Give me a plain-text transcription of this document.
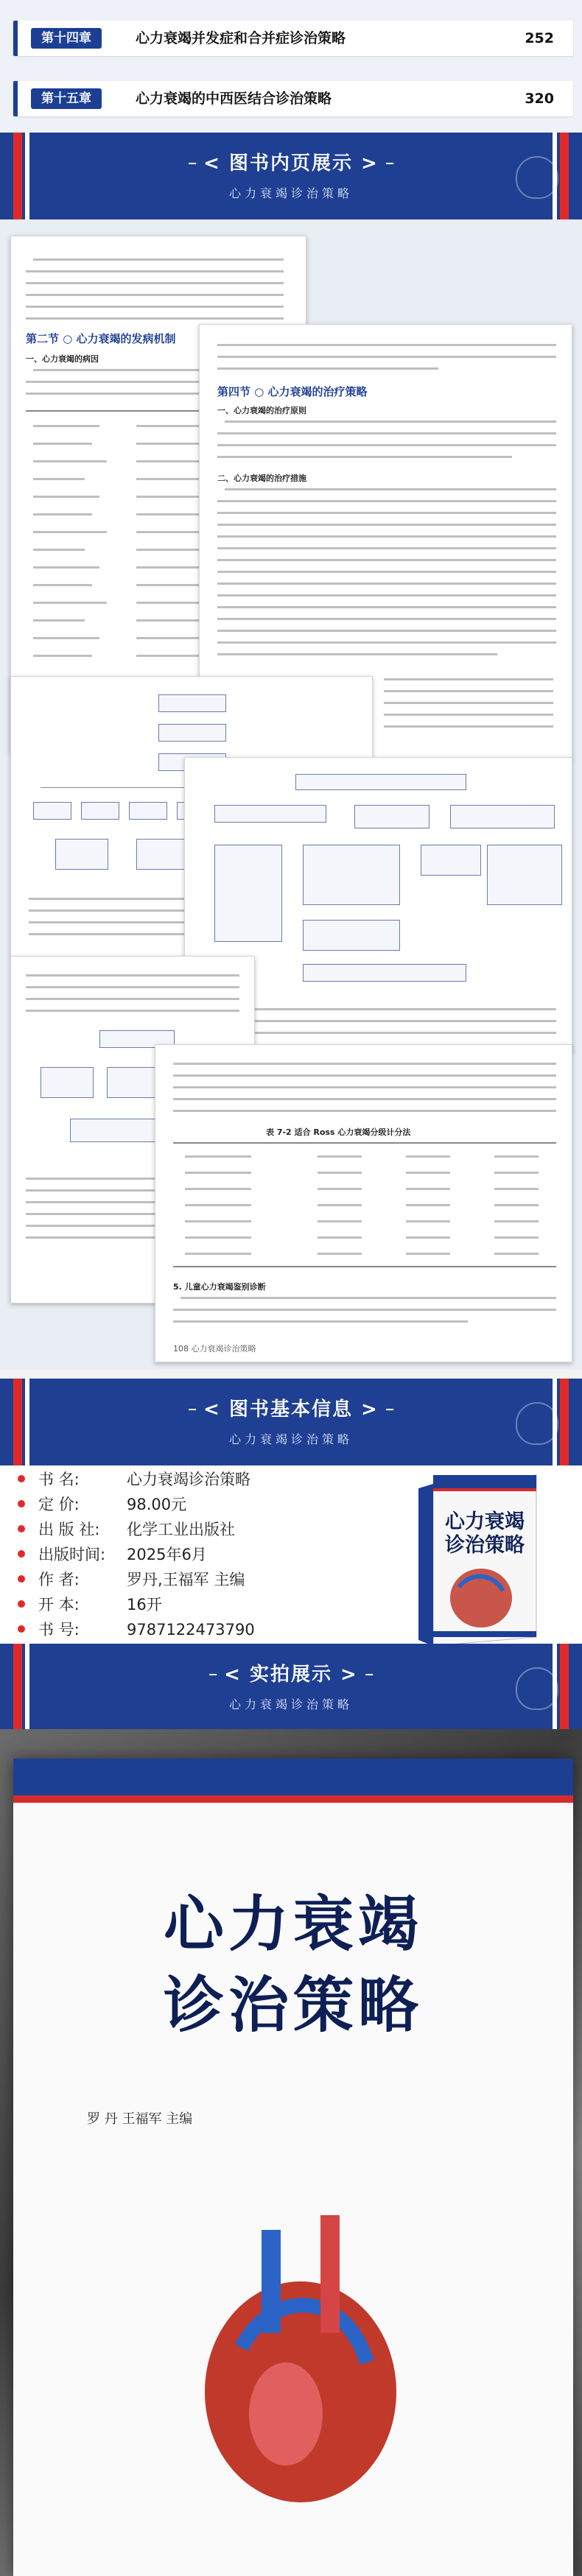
第十四章	心力衰竭并发症和合并症诊治策略	252
第十五章	心力衰竭的中西医结合诊治策略	320
< 图书内页展示 >
心力衰竭诊治策略
第二节 ○ 心力衰竭的发病机制
一、心力衰竭的病因
第四节 ○ 心力衰竭的治疗策略
一、心力衰竭的治疗原则
二、心力衰竭的治疗措施
表 7-2 适合 Ross 心力衰竭分级计分法
5. 儿童心力衰竭鉴别诊断
108 心力衰竭诊治策略
< 图书基本信息 >
心力衰竭诊治策略
书 名:	心力衰竭诊治策略
定 价:	98.00元
出 版 社: 化学工业出版社
出版时间: 2025年6月
作 者:	罗丹,王福军 主编
开 本:	16开
书 号:	9787122473790
心力衰竭
诊治策略
< 实拍展示 >
心力衰竭诊治策略
心力衰竭
诊治策略
罗 丹 王福军 主编
